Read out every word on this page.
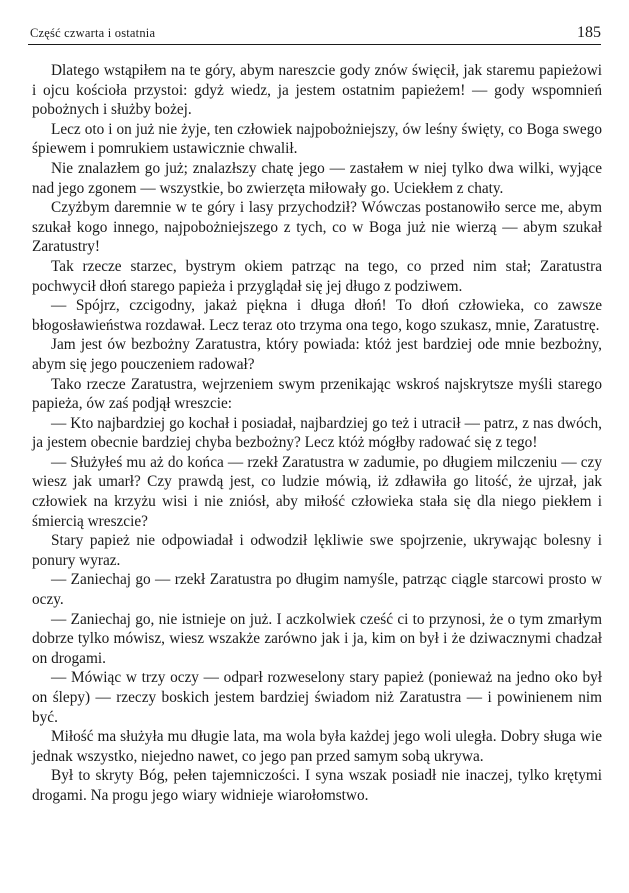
Część czwarta i ostatnia	185

Dlatego wstąpiłem na te góry, abym nareszcie gody znów święcił, jak staremu papieżowi i ojcu kościoła przystoi: gdyż wiedz, ja jestem ostatnim papieżem! — gody wspomnień pobożnych i służby bożej.

Lecz oto i on już nie żyje, ten człowiek najpobożniejszy, ów leśny święty, co Boga swego śpiewem i pomrukiem ustawicznie chwalił.

Nie znalazłem go już; znalazłszy chatę jego — zastałem w niej tylko dwa wilki, wyjące nad jego zgonem — wszystkie, bo zwierzęta miłowały go. Uciekłem z chaty.

Czyżbym daremnie w te góry i lasy przychodził? Wówczas postanowiło serce me, abym szukał kogo innego, najpobożniejszego z tych, co w Boga już nie wierzą — abym szukał Zaratustry!

Tak rzecze starzec, bystrym okiem patrząc na tego, co przed nim stał; Zaratustra pochwycił dłoń starego papieża i przyglądał się jej długo z podziwem.

— Spójrz, czcigodny, jakaż piękna i długa dłoń! To dłoń człowieka, co zawsze błogosławieństwa rozdawał. Lecz teraz oto trzyma ona tego, kogo szukasz, mnie, Zaratustrę.

Jam jest ów bezbożny Zaratustra, który powiada: któż jest bardziej ode mnie bezbożny, abym się jego pouczeniem radował?

Tako rzecze Zaratustra, wejrzeniem swym przenikając wskroś najskrytsze myśli starego papieża, ów zaś podjął wreszcie:

— Kto najbardziej go kochał i posiadał, najbardziej go też i utracił — patrz, z nas dwóch, ja jestem obecnie bardziej chyba bezbożny? Lecz któż mógłby radować się z tego!

— Służyłeś mu aż do końca — rzekł Zaratustra w zadumie, po długiem milczeniu — czy wiesz jak umarł? Czy prawdą jest, co ludzie mówią, iż zdławiła go litość, że ujrzał, jak człowiek na krzyżu wisi i nie zniósł, aby miłość człowieka stała się dla niego piekłem i śmiercią wreszcie?

Stary papież nie odpowiadał i odwodził lękliwie swe spojrzenie, ukrywając bolesny i ponury wyraz.

— Zaniechaj go — rzekł Zaratustra po długim namyśle, patrząc ciągle starcowi prosto w oczy.

— Zaniechaj go, nie istnieje on już. I aczkolwiek cześć ci to przynosi, że o tym zmarłym dobrze tylko mówisz, wiesz wszakże zarówno jak i ja, kim on był i że dziwacznymi chadzał on drogami.

— Mówiąc w trzy oczy — odparł rozweselony stary papież (ponieważ na jedno oko był on ślepy) — rzeczy boskich jestem bardziej świadom niż Zaratustra — i powinienem nim być.

Miłość ma służyła mu długie lata, ma wola była każdej jego woli uległa. Dobry sługa wie jednak wszystko, niejedno nawet, co jego pan przed samym sobą ukrywa.

Był to skryty Bóg, pełen tajemniczości. I syna wszak posiadł nie inaczej, tylko krętymi drogami. Na progu jego wiary widnieje wiarołomstwo.
